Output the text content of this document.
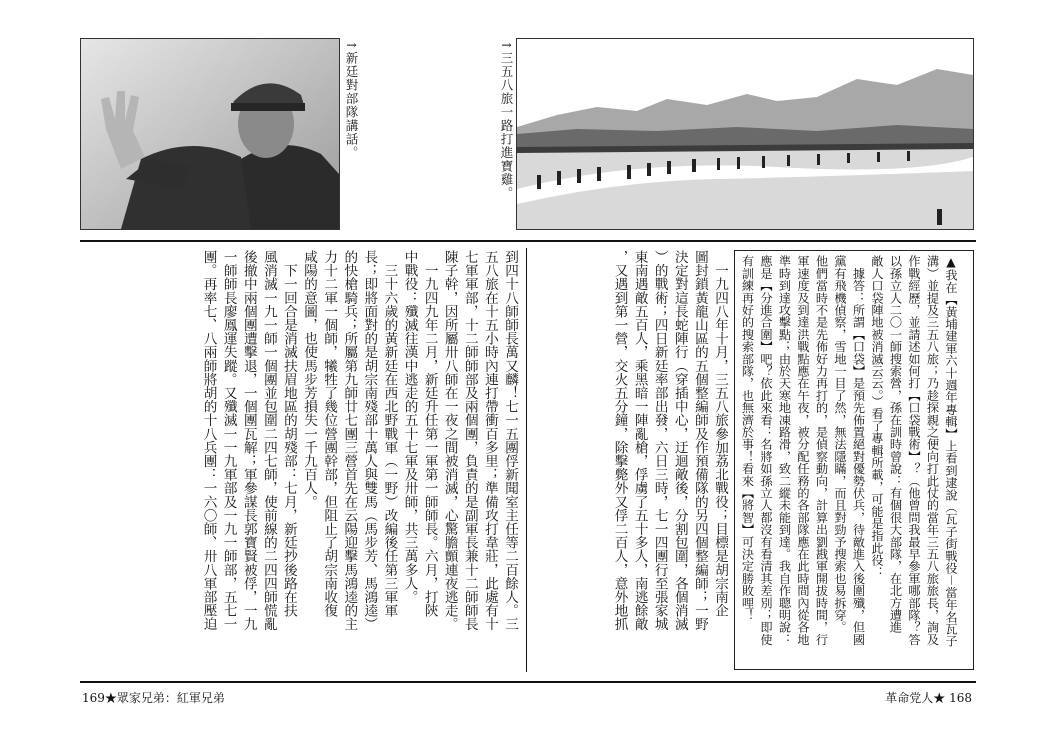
↑新廷對部隊講話。	↑三五八旅一路打進寶雞。
到四十八師師長萬又麟！七一五團俘新聞室主任等二百餘人。三
五八旅在十五小時內連打帶衝百多里；準備攻打韋莊，此處有十
七軍軍部，十二師師部及兩個團，負責的是副軍長兼十二師師長
陳子幹，因所屬卅八師在一夜之間被消滅，心驚膽顫連夜逃走。
　一九四九年二月，新廷升任第一軍第一師師長。六月，打陝
中戰役：殲滅往漢中逃走的五十七軍及卅師，共三萬多人。
　三十六歲的黃新廷在西北野戰軍（一野）改編後任第三軍軍
長；即將面對的是胡宗南殘部十萬人與雙馬（馬步芳、馬鴻逵）
的快槍騎兵；所屬第九師廿七團三營首先在云陽迎擊馬鴻逵的主
力十二軍一個師，犧牲了幾位營團幹部，但阻止了胡宗南收復
咸陽的意圖，也使馬步芳損失一千九百人。
　下一回合是消滅扶眉地區的胡殘部：七月，新廷抄後路在扶
風消滅一九一師一個團並包圍二四七師，使前線的二四四師慌亂
後撤中兩個團遭擊退，一個團瓦解；軍參謀長郭寶賢被俘，一九
一師師長廖鳳運失蹤。又殲滅一一九軍部及一九一師部，五七一
團。再率七、八兩師將胡的十八兵團：一六〇師、卅八軍部壓迫	　一九四八年十月，三五八旅參加荔北戰役；目標是胡宗南企
圖封鎖黃龍山區的五個整編師及作預備隊的另四個整編師；一野
決定對這長蛇陣行（穿插中心，迂迴敵後，分割包圍，各個消滅
）的戰術；四日新廷率部出發，六日三時，七一四團行至張家城
東南遇敵五百人，乘黑暗一陣亂槍，俘虜了五十多人，南逃餘敵
，又遇到第一營，交火五分鐘，除擊斃外又俘二百人，意外地抓	▲我在【黃埔建軍六十週年專輯】上看到逮說（瓦子街戰役－當年名瓦子
溝）並提及三五八旅；乃趁探親之便向打此仗的當年三五八旅旅長，詢及
作戰經歷，並請述如何打【口袋戰術】？（他曾問我最早參軍哪部隊？答
以孫立人二〇一師搜索營，孫在訓時曾說：有個很大部隊，在北方遭進
敵人口袋陣地被消滅云云。）看了專輯所載，可能是指此役：
　據答：所謂【口袋】是預先佈置絕對優勢伏兵，待敵進入後圍殲，但國
黨有飛機偵察，雪地一目了然，無法隱瞞，而且對勁予搜索也易拆穿。
他們當時不是先佈好力再打的，是偵察動向，計算出劉戡軍開拔時間，行
軍速度及到達洪戰點應在午夜，被分配任務的各部隊應在此時間內從各地
準時到達攻擊點；由於天寒地凍路滑，致二縱未能到達。我自作聰明說：
應是【分進合圍】吧？依此來看：名將如孫立人都沒有看清其差別；即使
有訓練再好的搜索部隊，也無濟於事！看來【將智】可決定勝敗哩！
169★眾家兄弟：紅軍兄弟	革命党人★ 168
